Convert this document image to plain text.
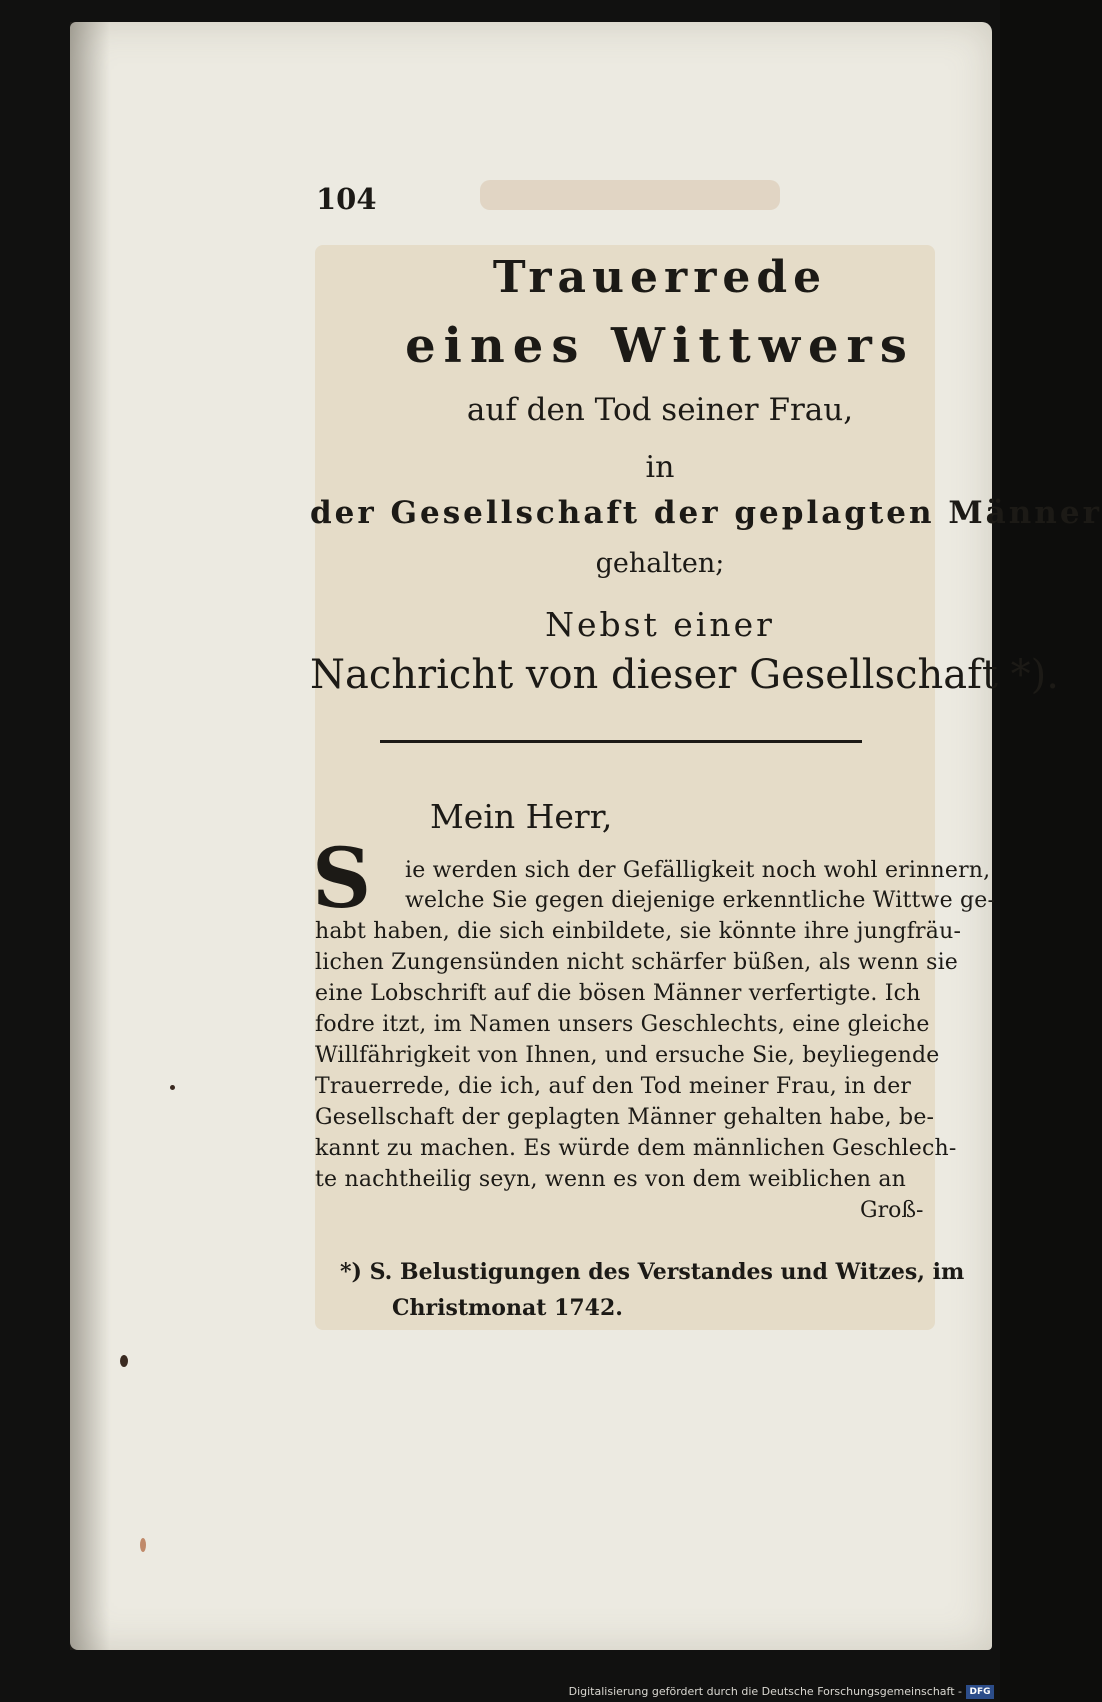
104
Trauerrede
eines Wittwers
auf den Tod seiner Frau,
in
der Gesellschaft der geplagten Männer
gehalten;
Nebst einer
Nachricht von dieser Gesellschaft *).
Mein Herr,
S ie werden sich der Gefälligkeit noch wohl erinnern,
welche Sie gegen diejenige erkenntliche Wittwe ge-
habt haben, die sich einbildete, sie könnte ihre jungfräu-
lichen Zungensünden nicht schärfer büßen, als wenn sie
eine Lobschrift auf die bösen Männer verfertigte. Ich
fodre itzt, im Namen unsers Geschlechts, eine gleiche
Willfährigkeit von Ihnen, und ersuche Sie, beyliegende
Trauerrede, die ich, auf den Tod meiner Frau, in der
Gesellschaft der geplagten Männer gehalten habe, be-
kannt zu machen. Es würde dem männlichen Geschlech-
te nachtheilig seyn, wenn es von dem weiblichen an
Groß-
*) S. Belustigungen des Verstandes und Witzes, im
Christmonat 1742.
Digitalisierung gefördert durch die Deutsche Forschungsgemeinschaft - DFG
